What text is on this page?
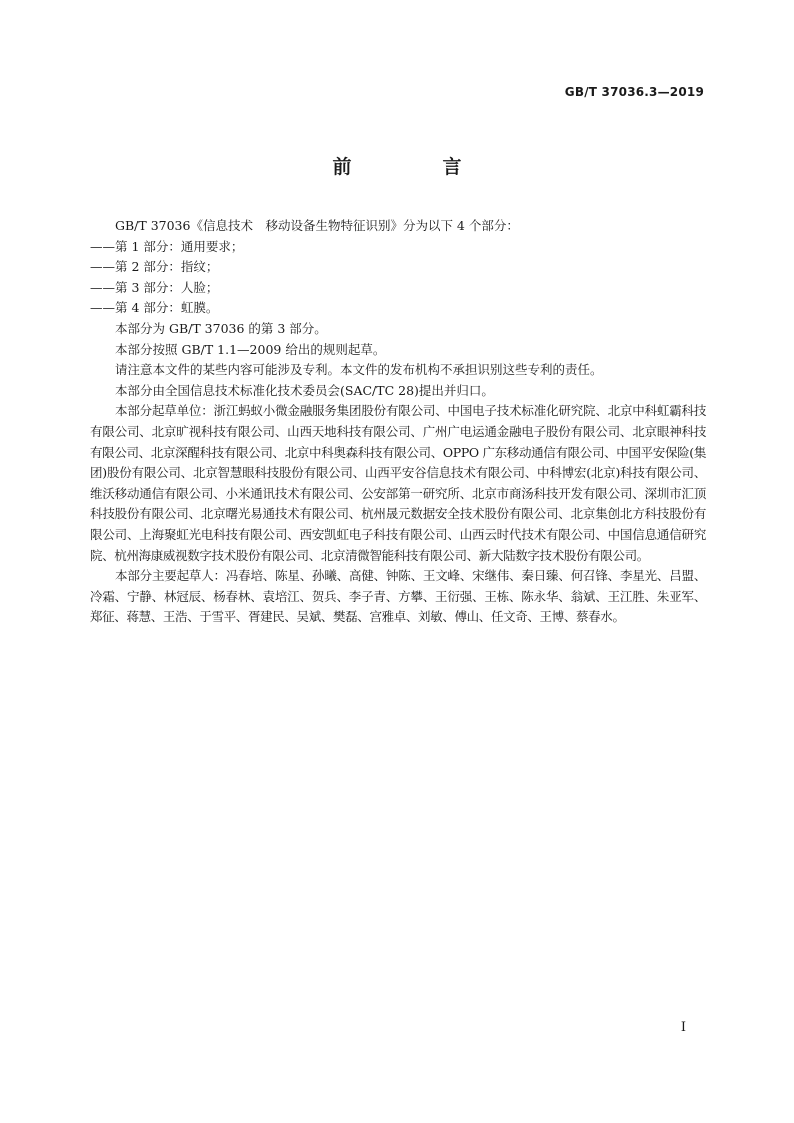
GB/T 37036.3—2019
前　言

GB/T 37036《信息技术　移动设备生物特征识别》分为以下 4 个部分：

——第 1 部分：通用要求；

——第 2 部分：指纹；

——第 3 部分：人脸；

——第 4 部分：虹膜。

本部分为 GB/T 37036 的第 3 部分。

本部分按照 GB/T 1.1—2009 给出的规则起草。

请注意本文件的某些内容可能涉及专利。本文件的发布机构不承担识别这些专利的责任。

本部分由全国信息技术标准化技术委员会(SAC/TC 28)提出并归口。

本部分起草单位：浙江蚂蚁小微金融服务集团股份有限公司、中国电子技术标准化研究院、北京中科虹霸科技有限公司、北京旷视科技有限公司、山西天地科技有限公司、广州广电运通金融电子股份有限公司、北京眼神科技有限公司、北京深醒科技有限公司、北京中科奥森科技有限公司、OPPO 广东移动通信有限公司、中国平安保险(集团)股份有限公司、北京智慧眼科技股份有限公司、山西平安谷信息技术有限公司、中科博宏(北京)科技有限公司、维沃移动通信有限公司、小米通讯技术有限公司、公安部第一研究所、北京市商汤科技开发有限公司、深圳市汇顶科技股份有限公司、北京曙光易通技术有限公司、杭州晟元数据安全技术股份有限公司、北京集创北方科技股份有限公司、上海聚虹光电科技有限公司、西安凯虹电子科技有限公司、山西云时代技术有限公司、中国信息通信研究院、杭州海康威视数字技术股份有限公司、北京清微智能科技有限公司、新大陆数字技术股份有限公司。

本部分主要起草人：冯春培、陈星、孙曦、高健、钟陈、王文峰、宋继伟、秦日臻、何召锋、李星光、吕盟、冷霜、宁静、林冠辰、杨春林、袁培江、贺兵、李子青、方攀、王衍强、王栋、陈永华、翁斌、王江胜、朱亚军、郑征、蒋慧、王浩、于雪平、胥建民、吴斌、樊磊、宫雅卓、刘敏、傅山、任文奇、王博、蔡春水。

I
